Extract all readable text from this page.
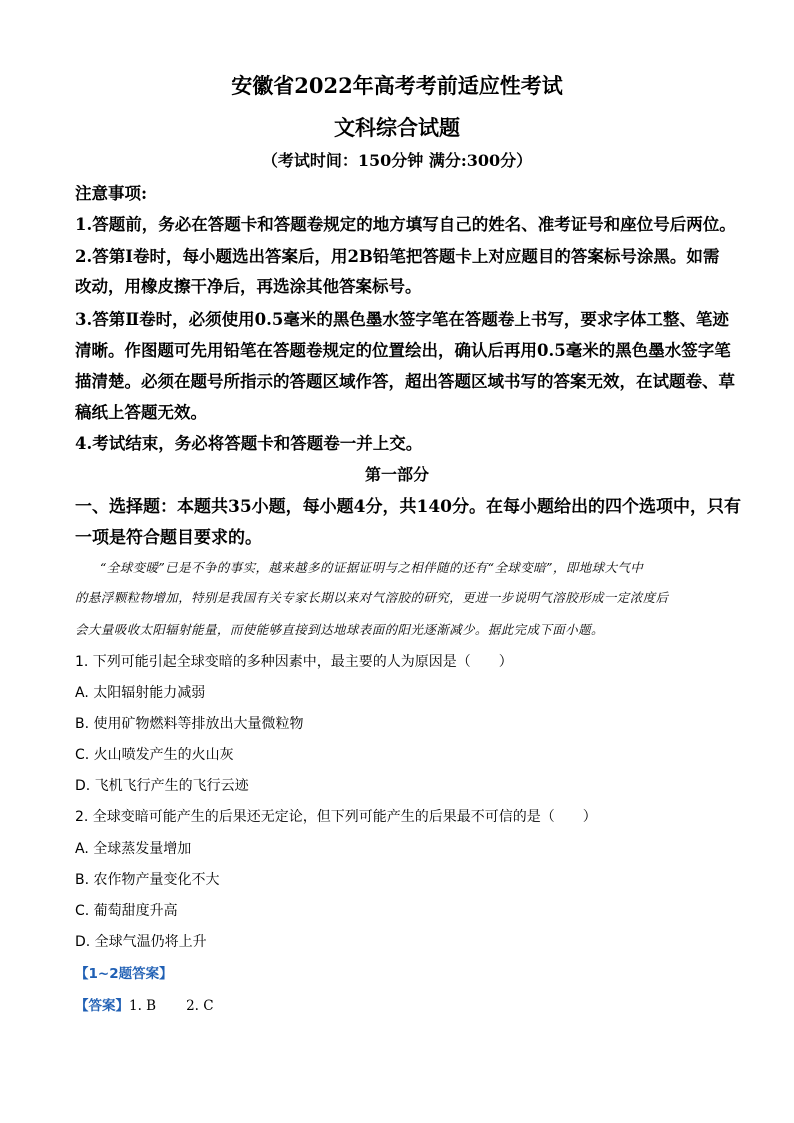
安徽省2022年高考考前适应性考试
文科综合试题
（考试时间：150分钟 满分:300分）
注意事项:
1.答题前，务必在答题卡和答题卷规定的地方填写自己的姓名、准考证号和座位号后两位。
2.答第Ⅰ卷时，每小题选出答案后，用2B铅笔把答题卡上对应题目的答案标号涂黑。如需
改动，用橡皮擦干净后，再选涂其他答案标号。
3.答第Ⅱ卷时，必须使用0.5毫米的黑色墨水签字笔在答题卷上书写，要求字体工整、笔迹
清晰。作图题可先用铅笔在答题卷规定的位置绘出，确认后再用0.5毫米的黑色墨水签字笔
描清楚。必须在题号所指示的答题区域作答，超出答题区域书写的答案无效，在试题卷、草
稿纸上答题无效。
4.考试结束，务必将答题卡和答题卷一并上交。
第一部分
一、选择题：本题共35小题，每小题4分，共140分。在每小题给出的四个选项中，只有
一项是符合题目要求的。
“全球变暖”已是不争的事实，越来越多的证据证明与之相伴随的还有“全球变暗”，即地球大气中
的悬浮颗粒物增加，特别是我国有关专家长期以来对气溶胶的研究，更进一步说明气溶胶形成一定浓度后
会大量吸收太阳辐射能量，而使能够直接到达地球表面的阳光逐渐减少。据此完成下面小题。
1. 下列可能引起全球变暗的多种因素中，最主要的人为原因是（　　）
A. 太阳辐射能力减弱
B. 使用矿物燃料等排放出大量微粒物
C. 火山喷发产生的火山灰
D. 飞机飞行产生的飞行云迹
2. 全球变暗可能产生的后果还无定论，但下列可能产生的后果最不可信的是（　　）
A. 全球蒸发量增加
B. 农作物产量变化不大
C. 葡萄甜度升高
D. 全球气温仍将上升
【1~2题答案】
【答案】1. B 2. C
